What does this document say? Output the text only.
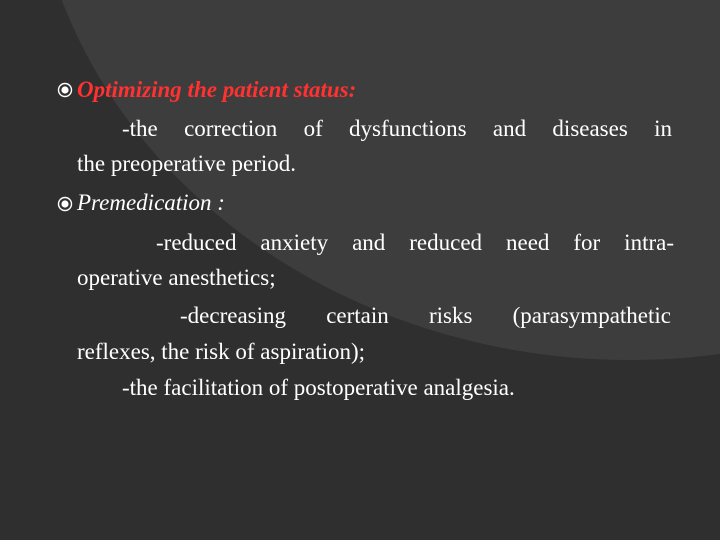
Optimizing the patient status:
-the correction of dysfunctions and diseases in
the preoperative period.
Premedication :
-reduced anxiety and reduced need for intra-
operative anesthetics;
-decreasing certain risks (parasympathetic
reflexes, the risk of aspiration);
-the facilitation of postoperative analgesia.
